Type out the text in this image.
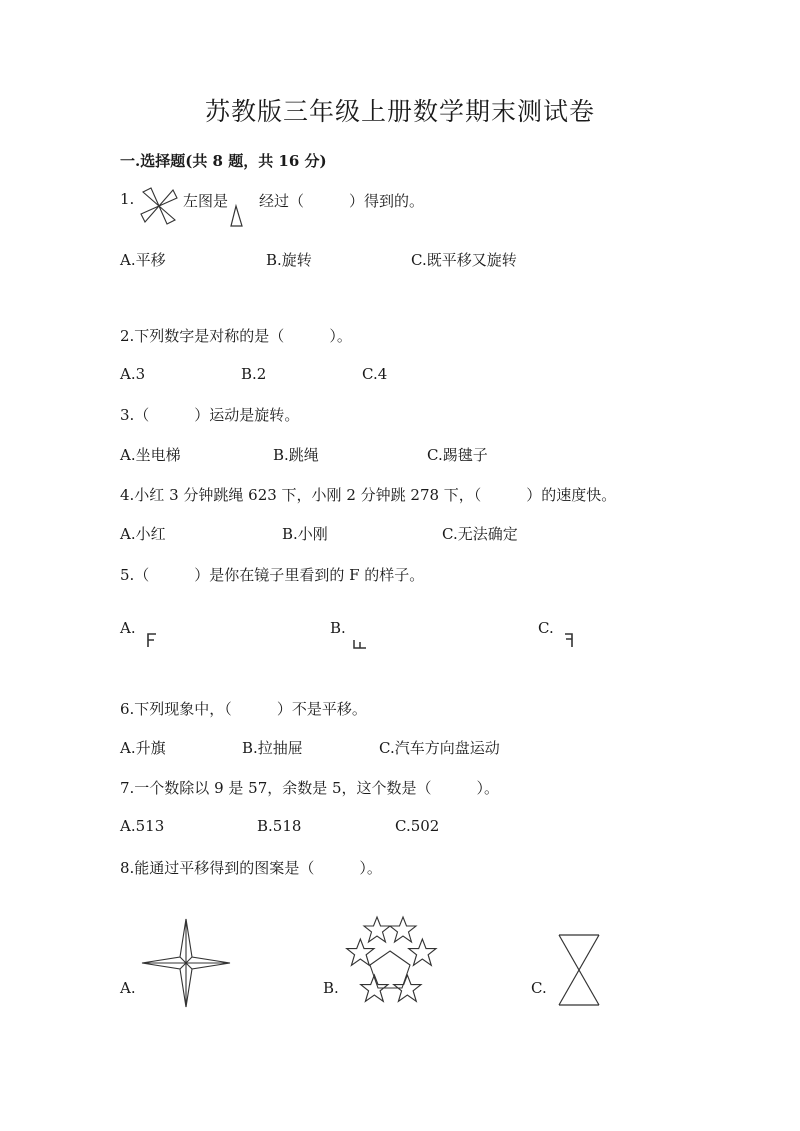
苏教版三年级上册数学期末测试卷
一.选择题(共 8 题，共 16 分)
1.	左图是 经过（　　　）得到的。
A.平移	B.旋转	C.既平移又旋转
2.下列数字是对称的是（　　　）。
A.3	B.2	C.4
3.（　　　）运动是旋转。
A.坐电梯	B.跳绳	C.踢毽子
4.小红 3 分钟跳绳 623 下，小刚 2 分钟跳 278 下，（　　　）的速度快。
A.小红	B.小刚	C.无法确定
5.（　　　）是你在镜子里看到的 F 的样子。
A.	B.	C.
6.下列现象中，（　　　）不是平移。
A.升旗	B.拉抽屉	C.汽车方向盘运动
7.一个数除以 9 是 57，余数是 5，这个数是（　　　）。
A.513	B.518	C.502
8.能通过平移得到的图案是（　　　）。
A.	B.	C.
